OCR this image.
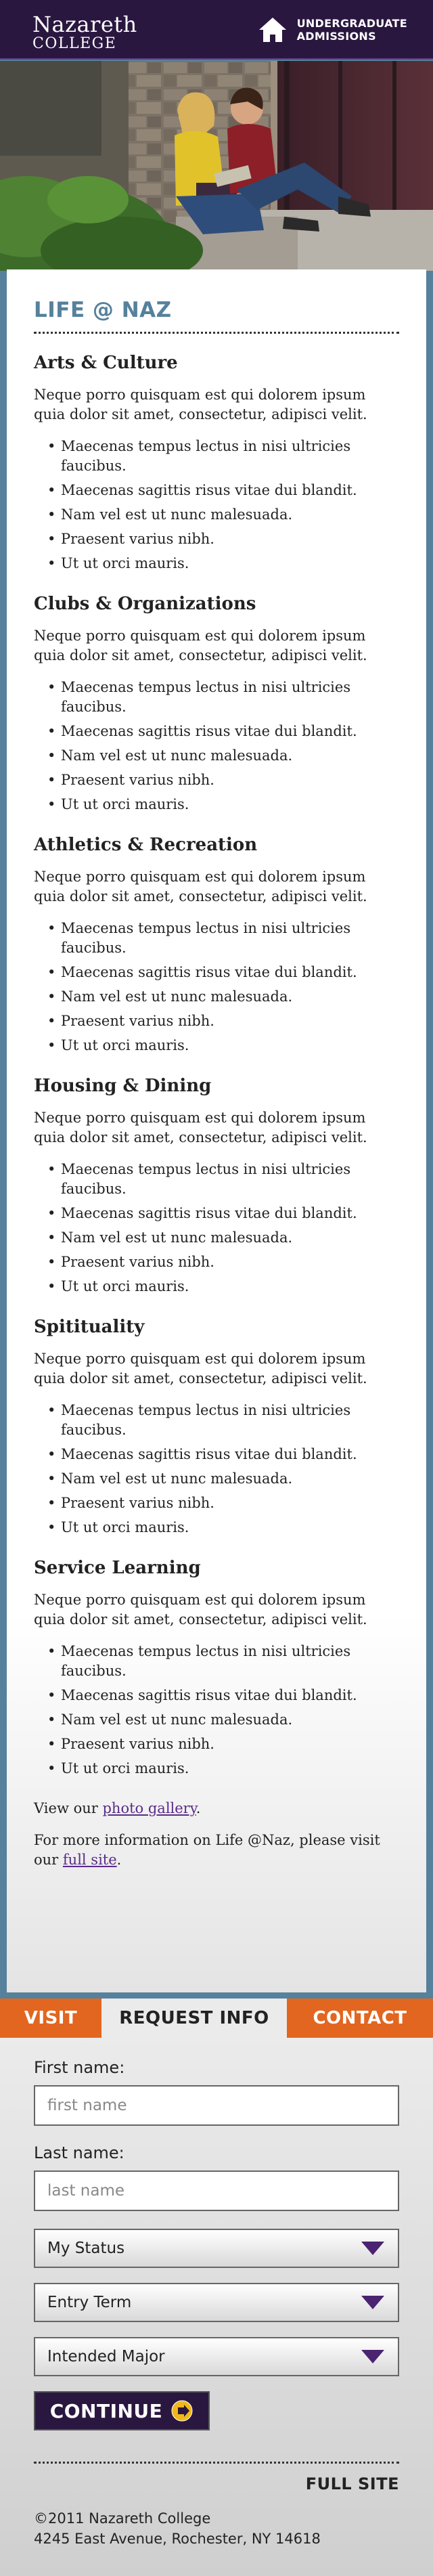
Nazareth
COLLEGE
UNDERGRADUATE
ADMISSIONS
LIFE @ NAZ
Arts & Culture

Neque porro quisquam est qui dolorem ipsum quia dolor sit amet, consectetur, adipisci velit.

• Maecenas tempus lectus in nisi ultricies faucibus.
• Maecenas sagittis risus vitae dui blandit.
• Nam vel est ut nunc malesuada.
• Praesent varius nibh.
• Ut ut orci mauris.
Clubs & Organizations

Neque porro quisquam est qui dolorem ipsum quia dolor sit amet, consectetur, adipisci velit.

• Maecenas tempus lectus in nisi ultricies faucibus.
• Maecenas sagittis risus vitae dui blandit.
• Nam vel est ut nunc malesuada.
• Praesent varius nibh.
• Ut ut orci mauris.
Athletics & Recreation

Neque porro quisquam est qui dolorem ipsum quia dolor sit amet, consectetur, adipisci velit.

• Maecenas tempus lectus in nisi ultricies faucibus.
• Maecenas sagittis risus vitae dui blandit.
• Nam vel est ut nunc malesuada.
• Praesent varius nibh.
• Ut ut orci mauris.
Housing & Dining

Neque porro quisquam est qui dolorem ipsum quia dolor sit amet, consectetur, adipisci velit.

• Maecenas tempus lectus in nisi ultricies faucibus.
• Maecenas sagittis risus vitae dui blandit.
• Nam vel est ut nunc malesuada.
• Praesent varius nibh.
• Ut ut orci mauris.
Spitituality

Neque porro quisquam est qui dolorem ipsum quia dolor sit amet, consectetur, adipisci velit.

• Maecenas tempus lectus in nisi ultricies faucibus.
• Maecenas sagittis risus vitae dui blandit.
• Nam vel est ut nunc malesuada.
• Praesent varius nibh.
• Ut ut orci mauris.
Service Learning

Neque porro quisquam est qui dolorem ipsum quia dolor sit amet, consectetur, adipisci velit.

• Maecenas tempus lectus in nisi ultricies faucibus.
• Maecenas sagittis risus vitae dui blandit.
• Nam vel est ut nunc malesuada.
• Praesent varius nibh.
• Ut ut orci mauris.

View our photo gallery.

For more information on Life @Naz, please visit our full site.

VISIT	REQUEST INFO	CONTACT
First name:
first name
Last name:
last name
My Status
Entry Term
Intended Major
CONTINUE
FULL SITE
©2011 Nazareth College
4245 East Avenue, Rochester, NY 14618
